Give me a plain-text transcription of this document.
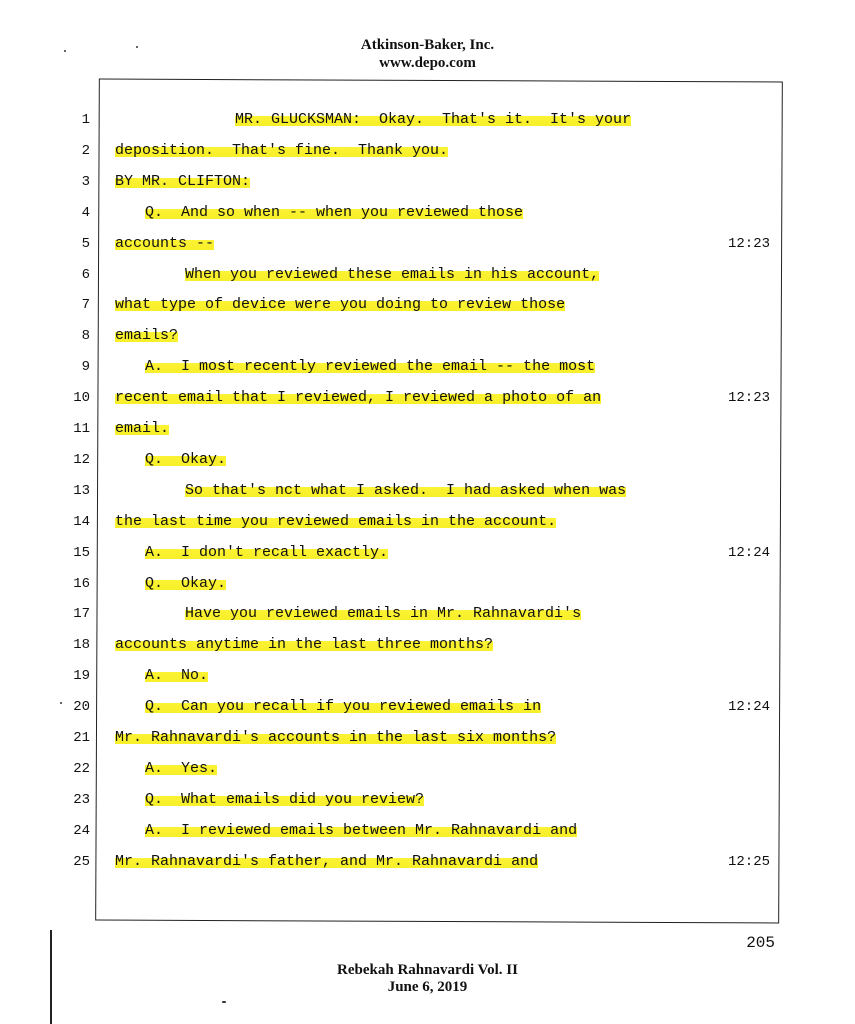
Atkinson-Baker, Inc.
www.depo.com
1	MR. GLUCKSMAN:  Okay.  That's it.  It's your
2 deposition.  That's fine.  Thank you.
3 BY MR. CLIFTON:
4	Q.  And so when -- when you reviewed those
5 accounts --	12:23
6	When you reviewed these emails in his account,
7 what type of device were you doing to review those
8 emails?
9	A.  I most recently reviewed the email -- the most
10 recent email that I reviewed, I reviewed a photo of an	12:23
11 email.
12	Q.  Okay.
13	So that's nct what I asked.  I had asked when was
14 the last time you reviewed emails in the account.
15	A.  I don't recall exactly.	12:24
16	Q.  Okay.
17	Have you reviewed emails in Mr. Rahnavardi's
18 accounts anytime in the last three months?
19	A.  No.
20	Q.  Can you recall if you reviewed emails in	12:24
21 Mr. Rahnavardi's accounts in the last six months?
22	A.  Yes.
23	Q.  What emails did you review?
24	A.  I reviewed emails between Mr. Rahnavardi and
25 Mr. Rahnavardi's father, and Mr. Rahnavardi and	12:25
205
Rebekah Rahnavardi Vol. II
June 6, 2019
